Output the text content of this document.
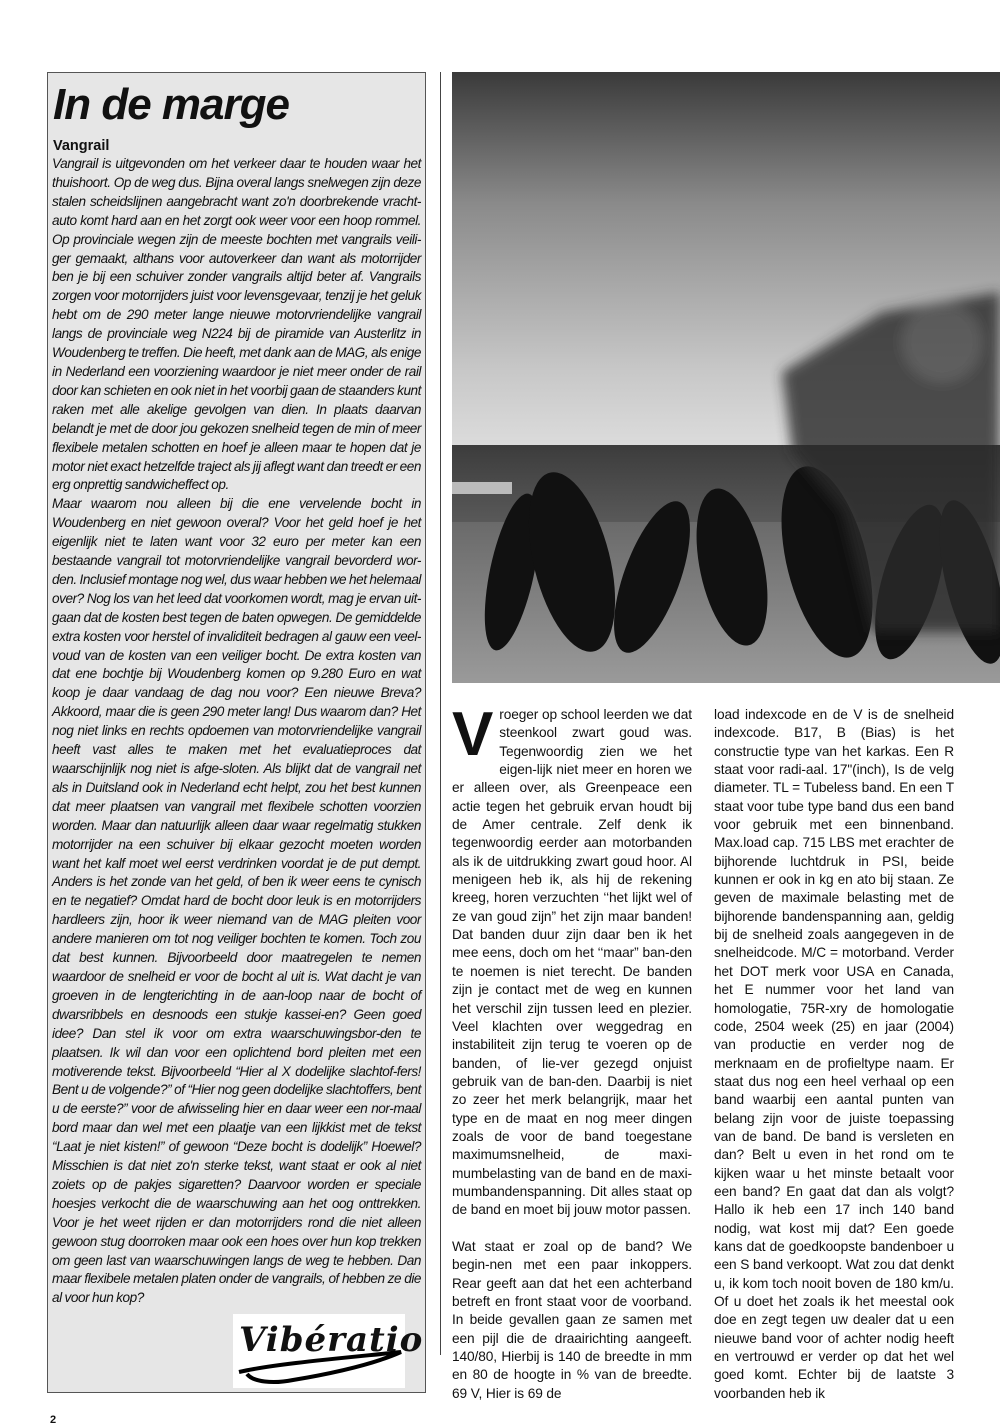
In de marge
Vangrail

Vangrail is uitgevonden om het verkeer daar te houden waar het thuishoort. Op de weg dus. Bijna overal langs snelwegen zijn deze stalen scheidslijnen aangebracht want zo'n doorbrekende vracht-auto komt hard aan en het zorgt ook weer voor een hoop rommel. Op provinciale wegen zijn de meeste bochten met vangrails veili-ger gemaakt, althans voor autoverkeer dan want als motorrijder ben je bij een schuiver zonder vangrails altijd beter af. Vangrails zorgen voor motorrijders juist voor levensgevaar, tenzij je het geluk hebt om de 290 meter lange nieuwe motorvriendelijke vangrail langs de provinciale weg N224 bij de piramide van Austerlitz in Woudenberg te treffen. Die heeft, met dank aan de MAG, als enige in Nederland een voorziening waardoor je niet meer onder de rail door kan schieten en ook niet in het voorbij gaan de staanders kunt raken met alle akelige gevolgen van dien. In plaats daarvan belandt je met de door jou gekozen snelheid tegen de min of meer flexibele metalen schotten en hoef je alleen maar te hopen dat je motor niet exact hetzelfde traject als jij aflegt want dan treedt er een erg onprettig sandwicheffect op.

Maar waarom nou alleen bij die ene vervelende bocht in Woudenberg en niet gewoon overal? Voor het geld hoef je het eigenlijk niet te laten want voor 32 euro per meter kan een bestaande vangrail tot motorvriendelijke vangrail bevorderd wor-den. Inclusief montage nog wel, dus waar hebben we het helemaal over? Nog los van het leed dat voorkomen wordt, mag je ervan uit-gaan dat de kosten best tegen de baten opwegen. De gemiddelde extra kosten voor herstel of invaliditeit bedragen al gauw een veel-voud van de kosten van een veiliger bocht. De extra kosten van dat ene bochtje bij Woudenberg komen op 9.280 Euro en wat koop je daar vandaag de dag nou voor? Een nieuwe Breva? Akkoord, maar die is geen 290 meter lang! Dus waarom dan? Het nog niet links en rechts opdoemen van motorvriendelijke vangrail heeft vast alles te maken met het evaluatieproces dat waarschijnlijk nog niet is afge-sloten. Als blijkt dat de vangrail net als in Duitsland ook in Nederland echt helpt, zou het best kunnen dat meer plaatsen van vangrail met flexibele schotten voorzien worden. Maar dan natuurlijk alleen daar waar regelmatig stukken motorrijder na een schuiver bij elkaar gezocht moeten worden want het kalf moet wel eerst verdrinken voordat je de put dempt. Anders is het zonde van het geld, of ben ik weer eens te cynisch en te negatief? Omdat hard de bocht door leuk is en motorrijders hardleers zijn, hoor ik weer niemand van de MAG pleiten voor andere manieren om tot nog veiliger bochten te komen. Toch zou dat best kunnen. Bijvoorbeeld door maatregelen te nemen waardoor de snelheid er voor de bocht al uit is. Wat dacht je van groeven in de lengterichting in de aan-loop naar de bocht of dwarsribbels en desnoods een stukje kassei-en? Geen goed idee? Dan stel ik voor om extra waarschuwingsbor-den te plaatsen. Ik wil dan voor een oplichtend bord pleiten met een motiverende tekst. Bijvoorbeeld “Hier al X dodelijke slachtof-fers! Bent u de volgende?” of “Hier nog geen dodelijke slachtoffers, bent u de eerste?” voor de afwisseling hier en daar weer een nor-maal bord maar dan wel met een plaatje van een lijkkist met de tekst “Laat je niet kisten!” of gewoon “Deze bocht is dodelijk” Hoewel? Misschien is dat niet zo'n sterke tekst, want staat er ook al niet zoiets op de pakjes sigaretten? Daarvoor worden er speciale hoesjes verkocht die de waarschuwing aan het oog onttrekken. Voor je het weet rijden er dan motorrijders rond die niet alleen gewoon stug doorroken maar ook een hoes over hun kop trekken om geen last van waarschuwingen langs de weg te hebben. Dan maar flexibele metalen platen onder de vangrails, of hebben ze die al voor hun kop?

Vibératio
2
V roeger op school leerden we dat steenkool zwart goud was. Tegenwoordig zien we het eigen-lijk niet meer en horen we er alleen over, als Greenpeace een actie tegen het gebruik ervan houdt bij de Amer centrale. Zelf denk ik tegenwoordig eerder aan motorbanden als ik de uitdrukking zwart goud hoor. Al menigeen heb ik, als hij de rekening kreeg, horen verzuchten ‘‘het lijkt wel of ze van goud zijn” het zijn maar banden! Dat banden duur zijn daar ben ik het mee eens, doch om het ‘‘maar” ban-den te noemen is niet terecht. De banden zijn je contact met de weg en kunnen het verschil zijn tussen leed en plezier. Veel klachten over weggedrag en instabiliteit zijn terug te voeren op de banden, of lie-ver gezegd onjuist gebruik van de ban-den. Daarbij is niet zo zeer het merk belangrijk, maar het type en de maat en nog meer dingen zoals de voor de band toegestane maximumsnelheid, de maxi-mumbelasting van de band en de maxi-mumbandenspanning. Dit alles staat op de band en moet bij jouw motor passen.

Wat staat er zoal op de band? We begin-nen met een paar inkoppers. Rear geeft aan dat het een achterband betreft en front staat voor de voorband. In beide gevallen gaan ze samen met een pijl die de draairichting aangeeft. 140/80, Hierbij is 140 de breedte in mm en 80 de hoogte in % van de breedte. 69 V, Hier is 69 de

load indexcode en de V is de snelheid indexcode. B17, B (Bias) is het constructie type van het karkas. Een R staat voor radi-aal. 17"(inch), Is de velg diameter. TL = Tubeless band. En een T staat voor tube type band dus een band voor gebruik met een binnenband. Max.load cap. 715 LBS met erachter de bijhorende luchtdruk in PSI, beide kunnen er ook in kg en ato bij staan. Ze geven de maximale belasting met de bijhorende bandenspanning aan, geldig bij de snelheid zoals aangegeven in de snelheidcode. M/C = motorband. Verder het DOT merk voor USA en Canada, het E nummer voor het land van homologatie, 75R-xry de homologatie code, 2504 week (25) en jaar (2004) van productie en verder nog de merknaam en de profieltype naam. Er staat dus nog een heel verhaal op een band waarbij een aantal punten van belang zijn voor de juiste toepassing van de band. De band is versleten en dan? Belt u even in het rond om te kijken waar u het minste betaalt voor een band? En gaat dat dan als volgt? Hallo ik heb een 17 inch 140 band nodig, wat kost mij dat? Een goede kans dat de goedkoopste bandenboer u een S band verkoopt. Wat zou dat denkt u, ik kom toch nooit boven de 180 km/u. Of u doet het zoals ik het meestal ook doe en zegt tegen uw dealer dat u een nieuwe band voor of achter nodig heeft en vertrouwd er verder op dat het wel goed komt. Echter bij de laatste 3 voorbanden heb ik
